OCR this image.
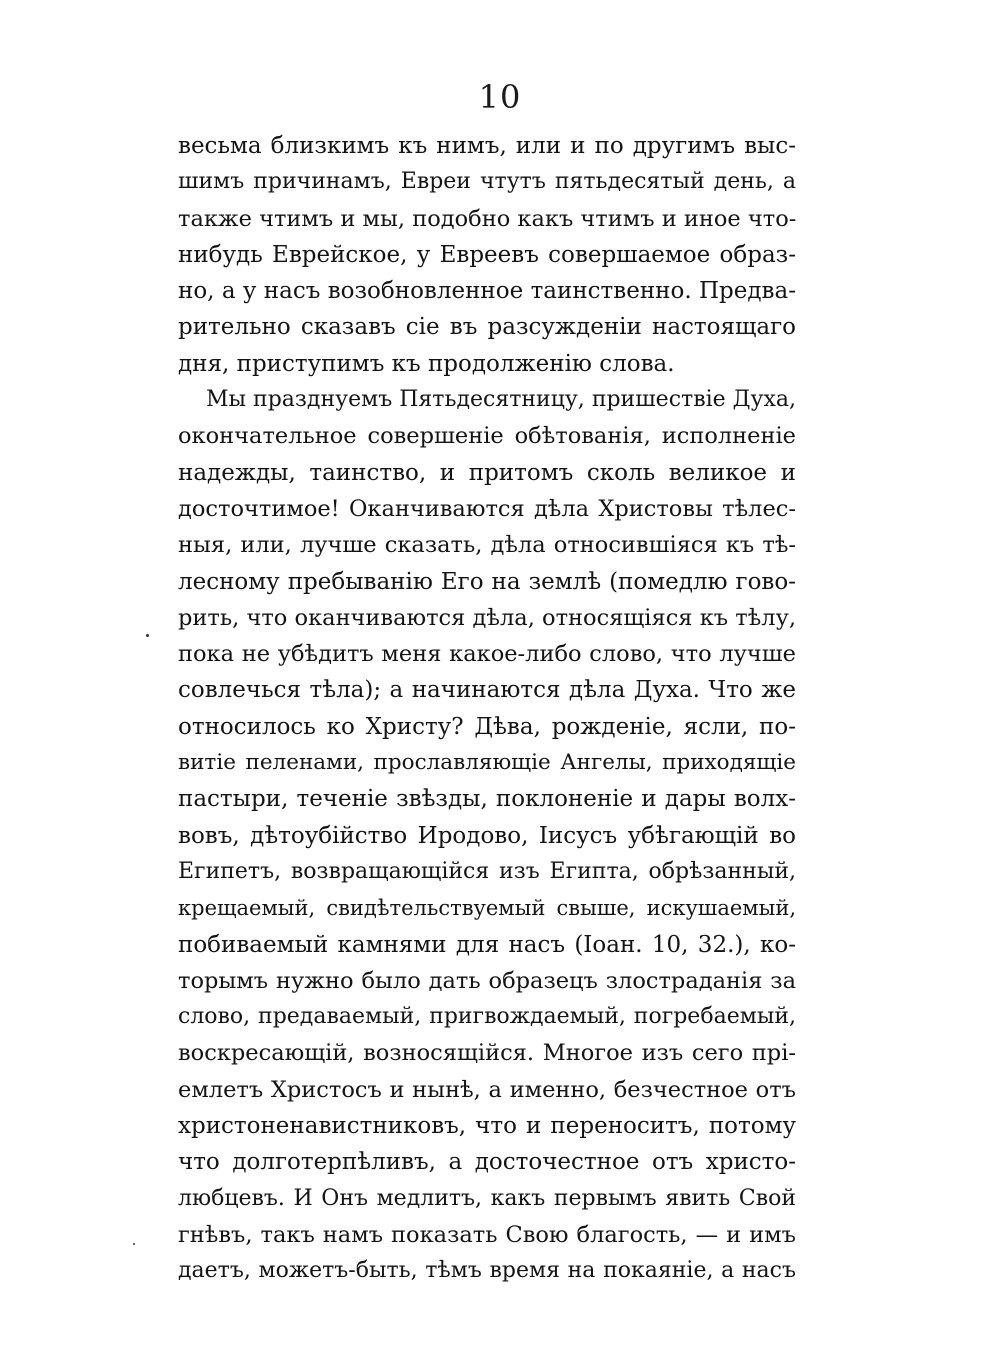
10
весьма близкимъ къ нимъ, или и по другимъ выс-
шимъ причинамъ, Евреи чтутъ пятьдесятый день, а
также чтимъ и мы, подобно какъ чтимъ и иное что-
нибудь Еврейское, у Евреевъ совершаемое образ-
но, а у насъ возобновленное таинственно. Предва-
рительно сказавъ сіе въ разсужденіи настоящаго
дня, приступимъ къ продолженію слова.
Мы празднуемъ Пятьдесятницу, пришествіе Духа,
окончательное совершеніе обѣтованія, исполненіе
надежды, таинство, и притомъ сколь великое и
досточтимое! Оканчиваются дѣла Христовы тѣлес-
ныя, или, лучше сказать, дѣла относившіяся къ тѣ-
лесному пребыванію Его на землѣ (помедлю гово-
рить, что оканчиваются дѣла, относящіяся къ тѣлу,
пока не убѣдитъ меня какое-либо слово, что лучше
совлечься тѣла); а начинаются дѣла Духа. Что же
относилось ко Христу? Дѣва, рожденіе, ясли, по-
витіе пеленами, прославляющіе Ангелы, приходящіе
пастыри, теченіе звѣзды, поклоненіе и дары волх-
вовъ, дѣтоубійство Иродово, Іисусъ убѣгающій во
Египетъ, возвращающійся изъ Египта, обрѣзанный,
крещаемый, свидѣтельствуемый свыше, искушаемый,
побиваемый камнями для насъ (Іоан. 10, 32.), ко-
торымъ нужно было дать образецъ злостраданія за
слово, предаваемый, пригвождаемый, погребаемый,
воскресающій, возносящійся. Многое изъ сего прі-
емлетъ Христосъ и нынѣ, а именно, безчестное отъ
христоненавистниковъ, что и переноситъ, потому
что долготерпѣливъ, а досточестное отъ христо-
любцевъ. И Онъ медлитъ, какъ первымъ явить Свой
гнѣвъ, такъ намъ показать Свою благость, — и имъ
даетъ, можетъ-быть, тѣмъ время на покаяніе, а насъ
